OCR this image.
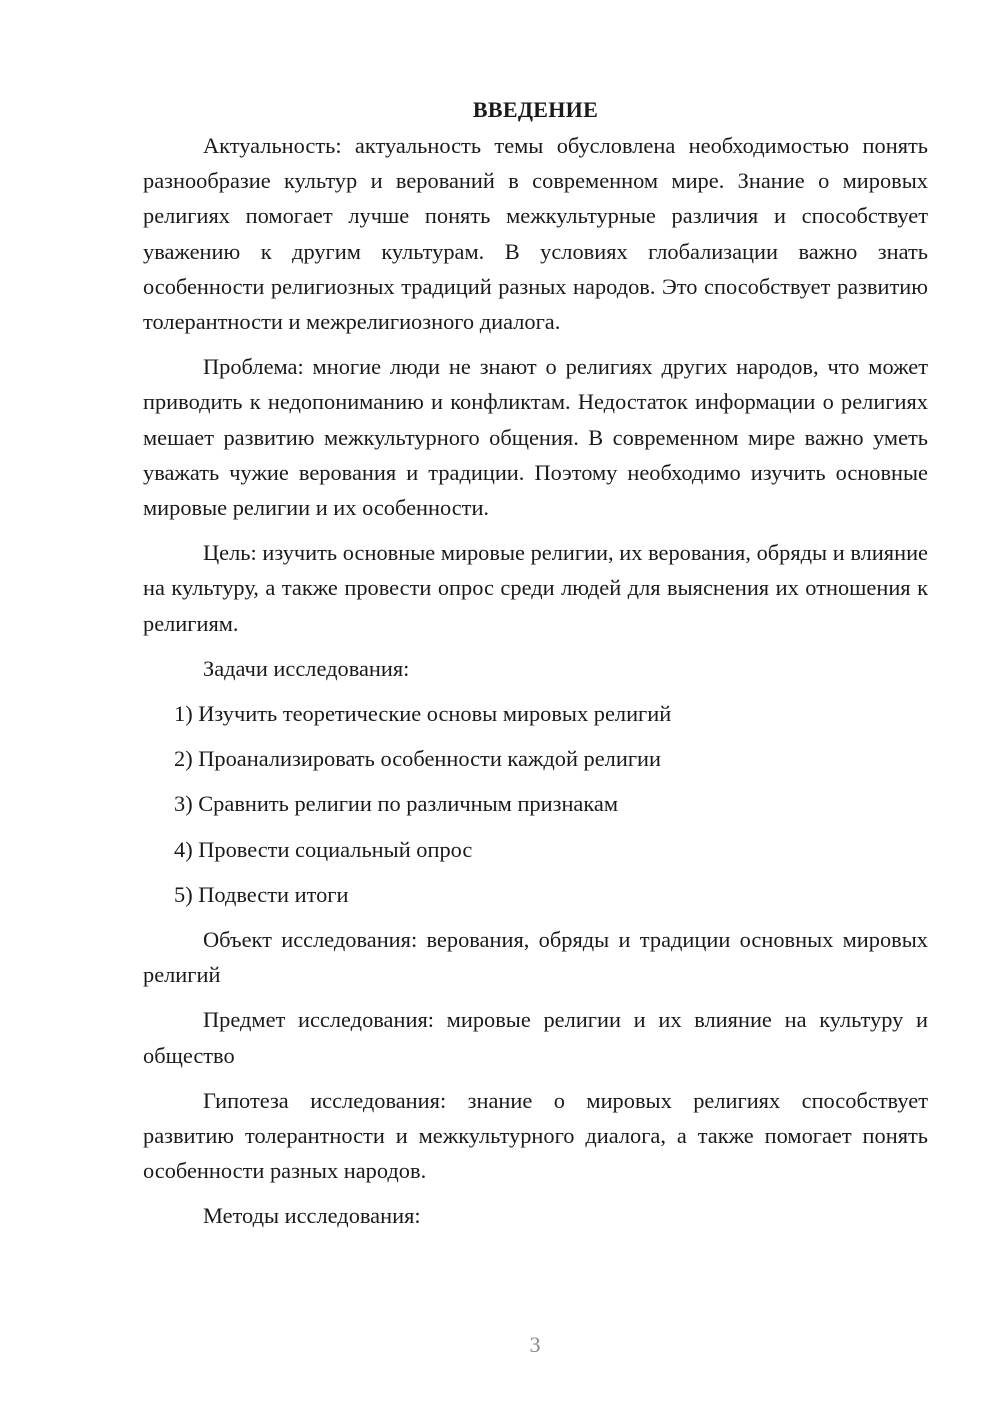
ВВЕДЕНИЕ

Актуальность: актуальность темы обусловлена необходимостью понять разнообразие культур и верований в современном мире. Знание о мировых религиях помогает лучше понять межкультурные различия и способствует уважению к другим культурам. В условиях глобализации важно знать особенности религиозных традиций разных народов. Это способствует развитию толерантности и межрелигиозного диалога.

Проблема: многие люди не знают о религиях других народов, что может приводить к недопониманию и конфликтам. Недостаток информации о религиях мешает развитию межкультурного общения. В современном мире важно уметь уважать чужие верования и традиции. Поэтому необходимо изучить основные мировые религии и их особенности.

Цель: изучить основные мировые религии, их верования, обряды и влияние на культуру, а также провести опрос среди людей для выяснения их отношения к религиям.

Задачи исследования:

1) Изучить теоретические основы мировых религий
2) Проанализировать особенности каждой религии
3) Сравнить религии по различным признакам
4) Провести социальный опрос
5) Подвести итоги

Объект исследования: верования, обряды и традиции основных мировых религий

Предмет исследования: мировые религии и их влияние на культуру и общество

Гипотеза исследования: знание о мировых религиях способствует развитию толерантности и межкультурного диалога, а также помогает понять особенности разных народов.

Методы исследования:

3
